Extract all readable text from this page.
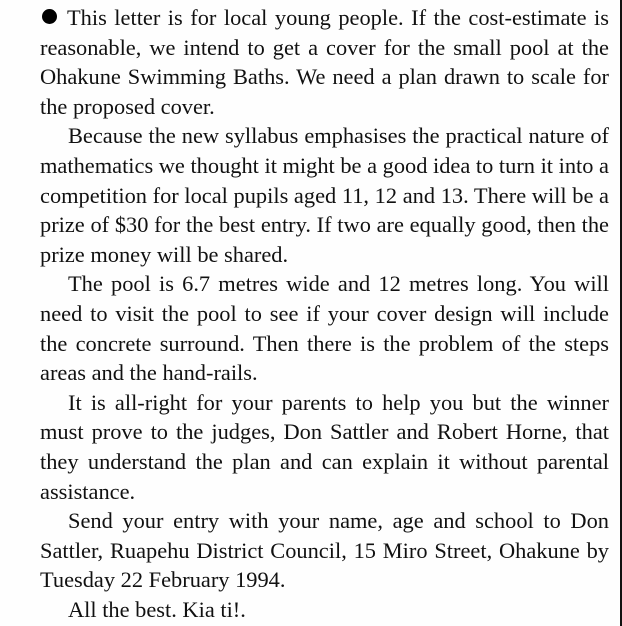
This letter is for local young people. If the cost-estimate is reasonable, we intend to get a cover for the small pool at the Ohakune Swimming Baths. We need a plan drawn to scale for the proposed cover.

Because the new syllabus emphasises the practical nature of mathematics we thought it might be a good idea to turn it into a competition for local pupils aged 11, 12 and 13. There will be a prize of $30 for the best entry. If two are equally good, then the prize money will be shared.

The pool is 6.7 metres wide and 12 metres long. You will need to visit the pool to see if your cover design will include the concrete surround. Then there is the problem of the steps areas and the hand-rails.

It is all-right for your parents to help you but the winner must prove to the judges, Don Sattler and Robert Horne, that they understand the plan and can explain it without parental assistance.

Send your entry with your name, age and school to Don Sattler, Ruapehu District Council, 15 Miro Street, Ohakune by Tuesday 22 February 1994.

All the best. Kia ti!.
